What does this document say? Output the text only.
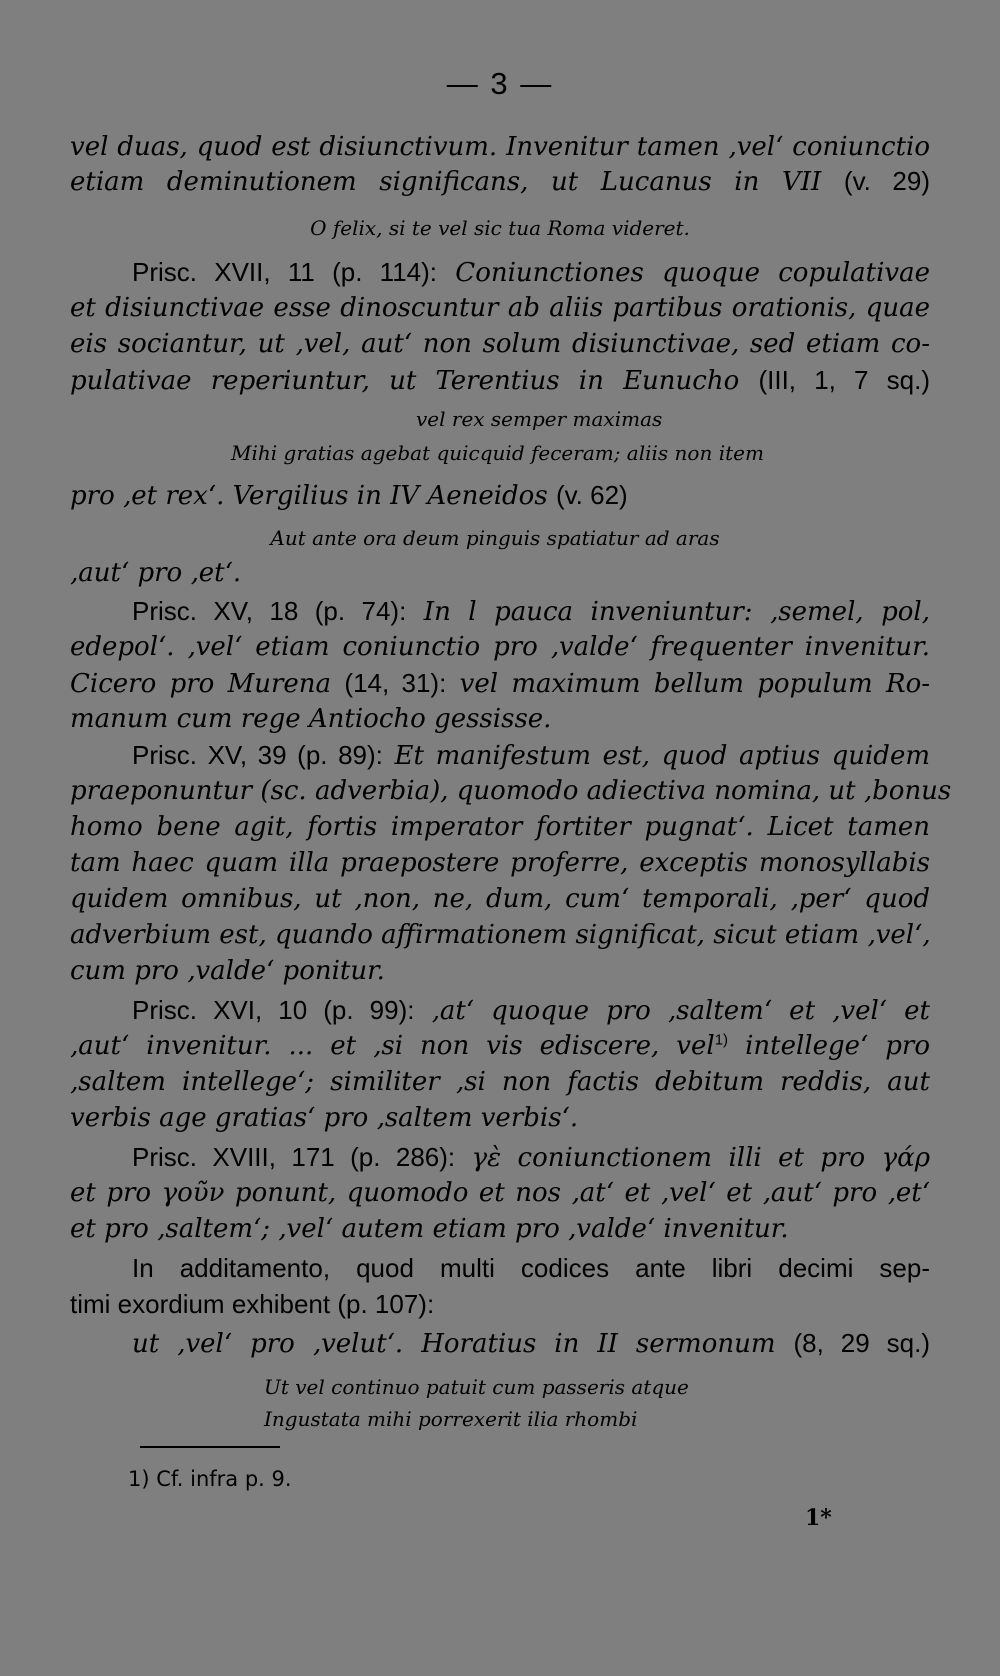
— 3 —
vel duas, quod est disiunctivum. Invenitur tamen ‚vel‘ coniunctio
etiam deminutionem significans, ut Lucanus in VII (v. 29)
O felix, si te vel sic tua Roma videret.
Prisc. XVII, 11 (p. 114): Coniunctiones quoque copulativae
et disiunctivae esse dinoscuntur ab aliis partibus orationis, quae
eis sociantur, ut ‚vel, aut‘ non solum disiunctivae, sed etiam co-
pulativae reperiuntur, ut Terentius in Eunucho (III, 1, 7 sq.)
vel rex semper maximas
Mihi gratias agebat quicquid feceram; aliis non item
pro ‚et rex‘. Vergilius in IV Aeneidos (v. 62)
Aut ante ora deum pinguis spatiatur ad aras
‚aut‘ pro ‚et‘.
Prisc. XV, 18 (p. 74): In l pauca inveniuntur: ‚semel, pol,
edepol‘. ‚vel‘ etiam coniunctio pro ‚valde‘ frequenter invenitur.
Cicero pro Murena (14, 31): vel maximum bellum populum Ro-
manum cum rege Antiocho gessisse.
Prisc. XV, 39 (p. 89): Et manifestum est, quod aptius quidem
praeponuntur (sc. adverbia), quomodo adiectiva nomina, ut ‚bonus
homo bene agit, fortis imperator fortiter pugnat‘. Licet tamen
tam haec quam illa praepostere proferre, exceptis monosyllabis
quidem omnibus, ut ‚non, ne, dum, cum‘ temporali, ‚per‘ quod
adverbium est, quando affirmationem significat, sicut etiam ‚vel‘,
cum pro ‚valde‘ ponitur.
Prisc. XVI, 10 (p. 99): ‚at‘ quoque pro ‚saltem‘ et ‚vel‘ et
‚aut‘ invenitur. ... et ‚si non vis ediscere, vel$^{1)}$ intellege‘ pro
‚saltem intellege‘; similiter ‚si non factis debitum reddis, aut
verbis age gratias‘ pro ‚saltem verbis‘.
Prisc. XVIII, 171 (p. 286): γὲ coniunctionem illi et pro γάρ
et pro γοῦν ponunt, quomodo et nos ‚at‘ et ‚vel‘ et ‚aut‘ pro ‚et‘
et pro ‚saltem‘; ‚vel‘ autem etiam pro ‚valde‘ invenitur.
In additamento, quod multi codices ante libri decimi sep-
timi exordium exhibent (p. 107):
ut ‚vel‘ pro ‚velut‘. Horatius in II sermonum (8, 29 sq.)
Ut vel continuo patuit cum passeris atque
Ingustata mihi porrexerit ilia rhombi
1) Cf. infra p. 9.
1*
